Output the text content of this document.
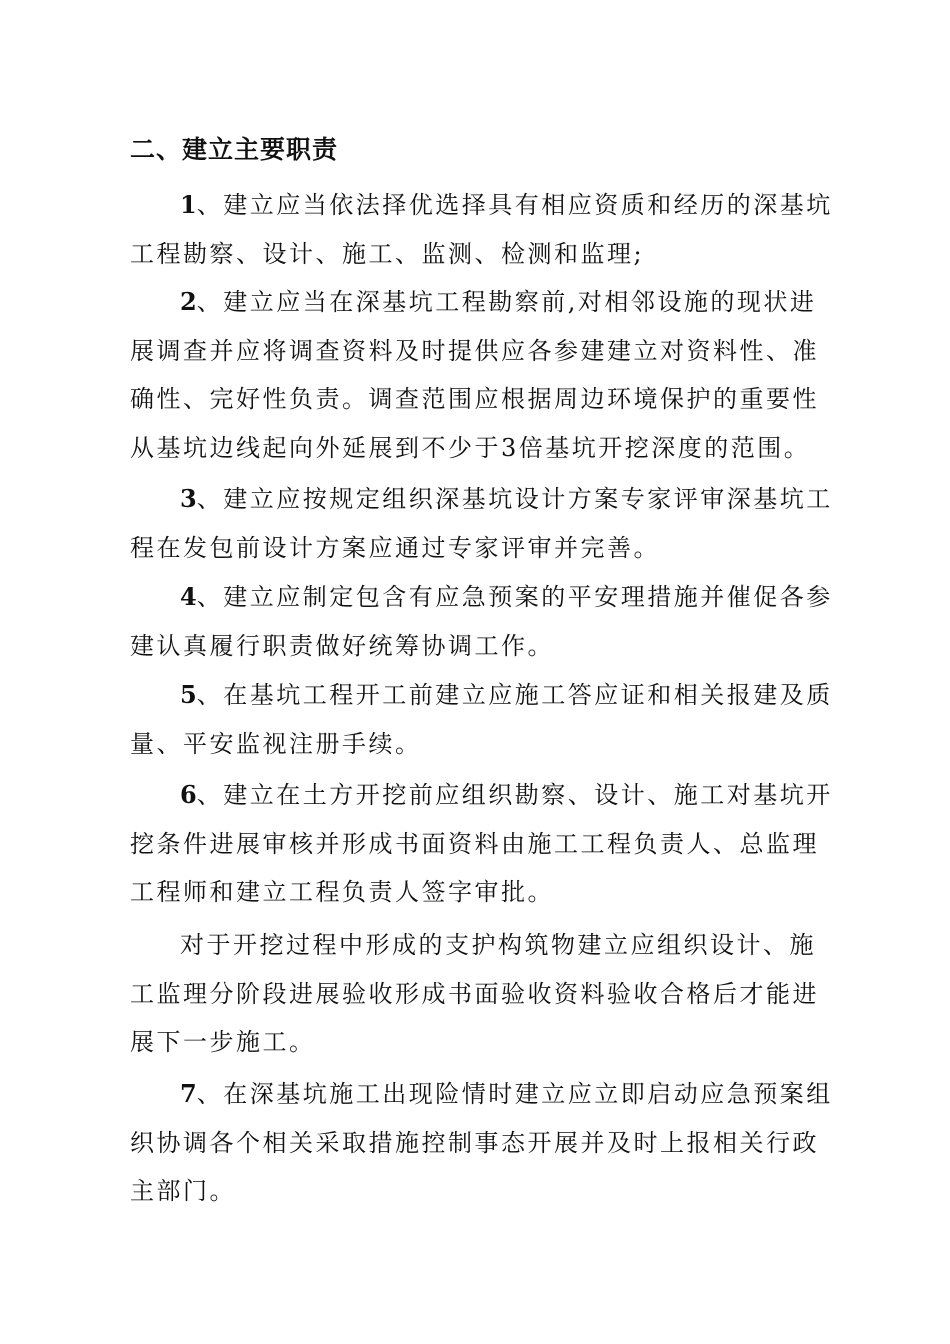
二、建立主要职责

1、建立应当依法择优选择具有相应资质和经历的深基坑工程勘察、设计、施工、监测、检测和监理;

2、建立应当在深基坑工程勘察前,对相邻设施的现状进展调查并应将调查资料及时提供应各参建建立对资料性、准确性、完好性负责。调查范围应根据周边环境保护的重要性从基坑边线起向外延展到不少于3倍基坑开挖深度的范围。

3、建立应按规定组织深基坑设计方案专家评审深基坑工程在发包前设计方案应通过专家评审并完善。

4、建立应制定包含有应急预案的平安理措施并催促各参建认真履行职责做好统筹协调工作。

5、在基坑工程开工前建立应施工答应证和相关报建及质量、平安监视注册手续。

6、建立在土方开挖前应组织勘察、设计、施工对基坑开挖条件进展审核并形成书面资料由施工工程负责人、总监理工程师和建立工程负责人签字审批。

对于开挖过程中形成的支护构筑物建立应组织设计、施工监理分阶段进展验收形成书面验收资料验收合格后才能进展下一步施工。

7、在深基坑施工出现险情时建立应立即启动应急预案组织协调各个相关采取措施控制事态开展并及时上报相关行政主部门。
